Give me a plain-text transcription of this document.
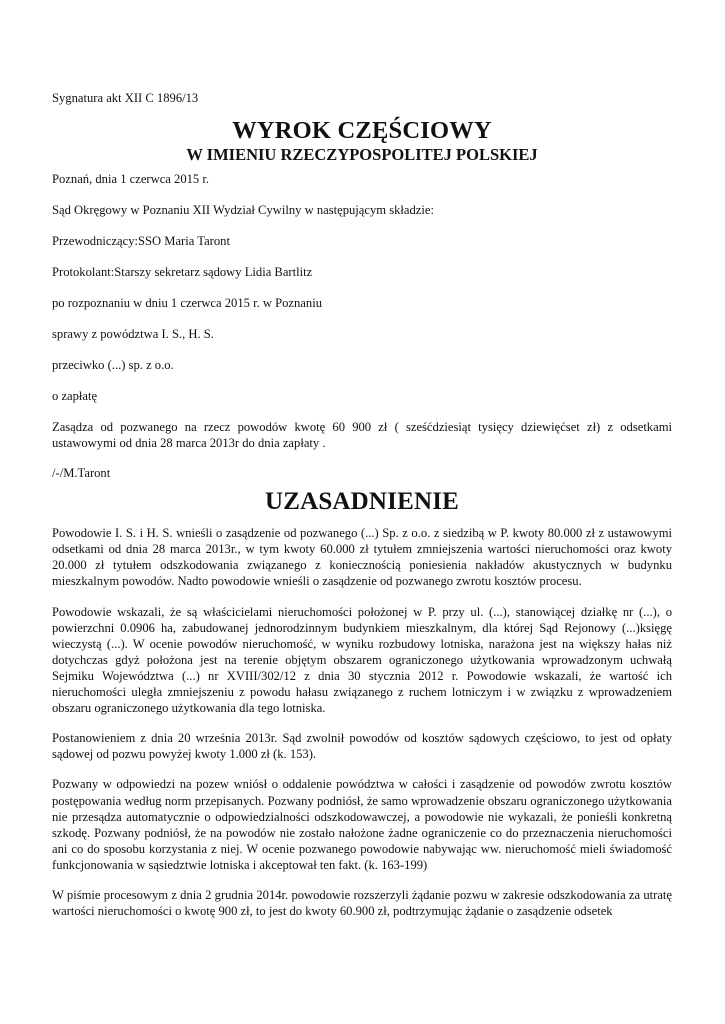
Sygnatura akt XII C 1896/13

WYROK CZĘŚCIOWY
W IMIENIU RZECZYPOSPOLITEJ POLSKIEJ

Poznań, dnia 1 czerwca 2015 r.

Sąd Okręgowy w Poznaniu XII Wydział Cywilny w następującym składzie:

Przewodniczący:SSO Maria Taront

Protokolant:Starszy sekretarz sądowy Lidia Bartlitz

po rozpoznaniu w dniu 1 czerwca 2015 r. w Poznaniu

sprawy z powództwa I. S., H. S.

przeciwko (...) sp. z o.o.

o zapłatę

Zasądza od pozwanego na rzecz powodów kwotę 60 900 zł ( sześćdziesiąt tysięcy dziewięćset zł) z odsetkami ustawowymi od dnia 28 marca 2013r do dnia zapłaty .

/-/M.Taront

UZASADNIENIE

Powodowie I. S. i H. S. wnieśli o zasądzenie od pozwanego (...) Sp. z o.o. z siedzibą w P. kwoty 80.000 zł z ustawowymi odsetkami od dnia 28 marca 2013r., w tym kwoty 60.000 zł tytułem zmniejszenia wartości nieruchomości oraz kwoty 20.000 zł tytułem odszkodowania związanego z koniecznością poniesienia nakładów akustycznych w budynku mieszkalnym powodów. Nadto powodowie wnieśli o zasądzenie od pozwanego zwrotu kosztów procesu.

Powodowie wskazali, że są właścicielami nieruchomości położonej w P. przy ul. (...), stanowiącej działkę nr (...), o powierzchni 0.0906 ha, zabudowanej jednorodzinnym budynkiem mieszkalnym, dla której Sąd Rejonowy (...)księgę wieczystą (...). W ocenie powodów nieruchomość, w wyniku rozbudowy lotniska, narażona jest na większy hałas niż dotychczas gdyż położona jest na terenie objętym obszarem ograniczonego użytkowania wprowadzonym uchwałą Sejmiku Województwa (...) nr XVIII/302/12 z dnia 30 stycznia 2012 r. Powodowie wskazali, że wartość ich nieruchomości uległa zmniejszeniu z powodu hałasu związanego z ruchem lotniczym i w związku z wprowadzeniem obszaru ograniczonego użytkowania dla tego lotniska.

Postanowieniem z dnia 20 września 2013r. Sąd zwolnił powodów od kosztów sądowych częściowo, to jest od opłaty sądowej od pozwu powyżej kwoty 1.000 zł (k. 153).

Pozwany w odpowiedzi na pozew wniósł o oddalenie powództwa w całości i zasądzenie od powodów zwrotu kosztów postępowania według norm przepisanych. Pozwany podniósł, że samo wprowadzenie obszaru ograniczonego użytkowania nie przesądza automatycznie o odpowiedzialności odszkodowawczej, a powodowie nie wykazali, że ponieśli konkretną szkodę. Pozwany podniósł, że na powodów nie zostało nałożone żadne ograniczenie co do przeznaczenia nieruchomości ani co do sposobu korzystania z niej. W ocenie pozwanego powodowie nabywając ww. nieruchomość mieli świadomość funkcjonowania w sąsiedztwie lotniska i akceptował ten fakt. (k. 163-199)

W piśmie procesowym z dnia 2 grudnia 2014r. powodowie rozszerzyli żądanie pozwu w zakresie odszkodowania za utratę wartości nieruchomości o kwotę 900 zł, to jest do kwoty 60.900 zł, podtrzymując żądanie o zasądzenie odsetek
